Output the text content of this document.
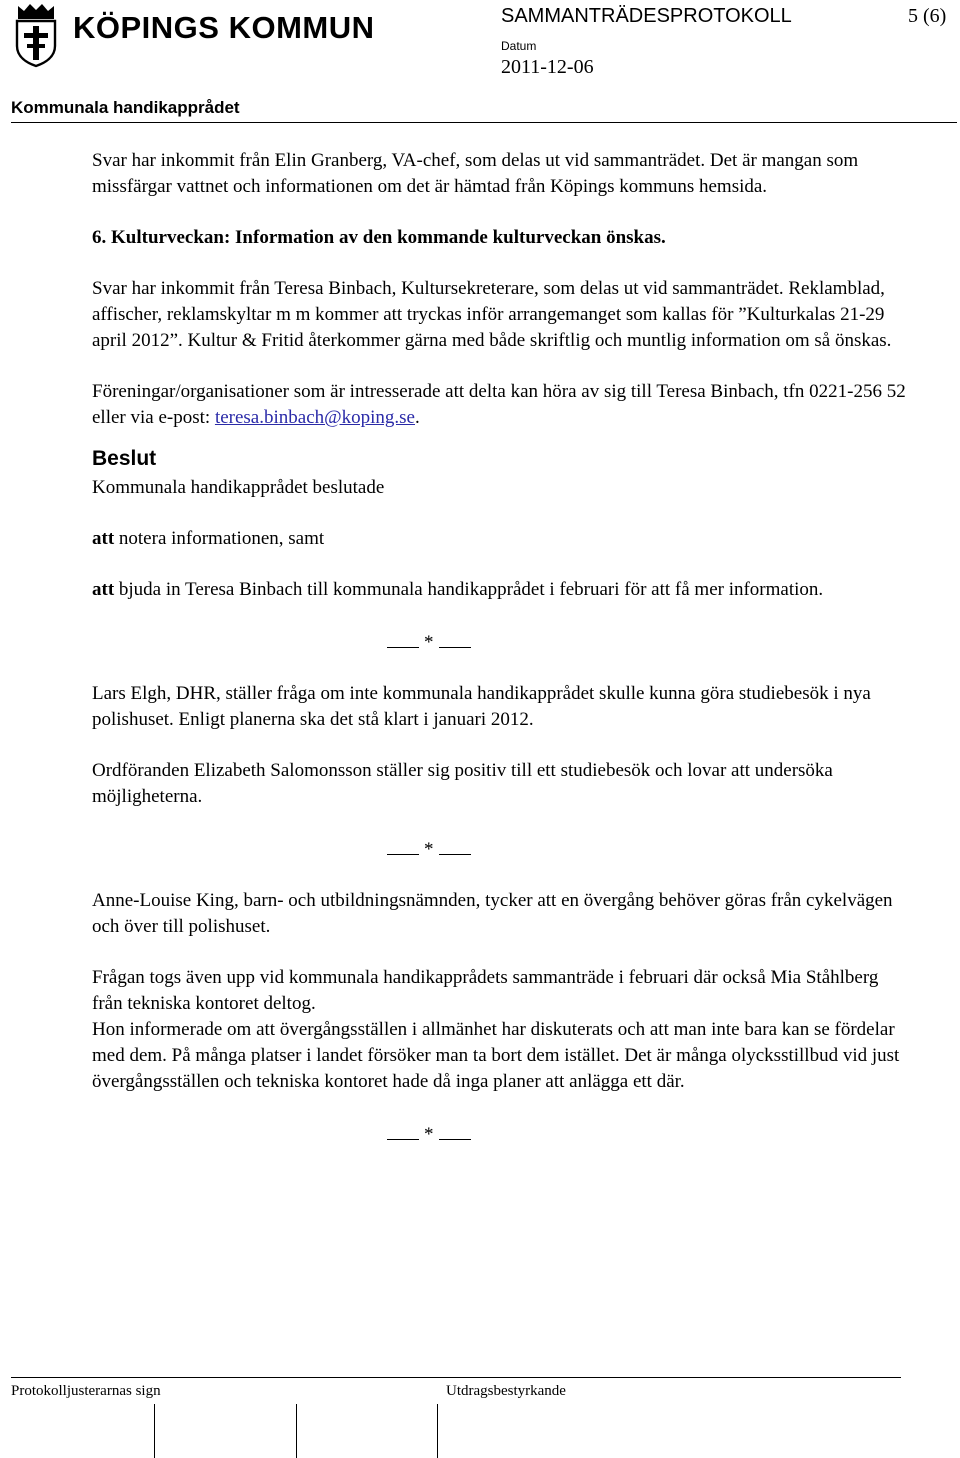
KÖPINGS KOMMUN	SAMMANTRÄDESPROTOKOLL	5 (6)
Datum
2011-12-06
Kommunala handikapprådet

Svar har inkommit från Elin Granberg, VA-chef, som delas ut vid sammanträdet. Det är mangan som missfärgar vattnet och informationen om det är hämtad från Köpings kommuns hemsida.

6. Kulturveckan: Information av den kommande kulturveckan önskas.

Svar har inkommit från Teresa Binbach, Kultursekreterare, som delas ut vid sammanträdet. Reklamblad, affischer, reklamskyltar m m kommer att tryckas inför arrangemanget som kallas för ”Kulturkalas 21-29 april 2012”. Kultur & Fritid återkommer gärna med både skriftlig och muntlig information om så önskas.

Föreningar/organisationer som är intresserade att delta kan höra av sig till Teresa Binbach, tfn 0221-256 52 eller via e-post: teresa.binbach@koping.se.

Beslut

Kommunala handikapprådet beslutade

att notera informationen, samt

att bjuda in Teresa Binbach till kommunala handikapprådet i februari för att få mer information.

*

Lars Elgh, DHR, ställer fråga om inte kommunala handikapprådet skulle kunna göra studiebesök i nya polishuset. Enligt planerna ska det stå klart i januari 2012.

Ordföranden Elizabeth Salomonsson ställer sig positiv till ett studiebesök och lovar att undersöka möjligheterna.

*

Anne-Louise King, barn- och utbildningsnämnden, tycker att en övergång behöver göras från cykelvägen och över till polishuset.

Frågan togs även upp vid kommunala handikapprådets sammanträde i februari där också Mia Ståhlberg från tekniska kontoret deltog.

Hon informerade om att övergångsställen i allmänhet har diskuterats och att man inte bara kan se fördelar med dem. På många platser i landet försöker man ta bort dem istället. Det är många olycksstillbud vid just övergångsställen och tekniska kontoret hade då inga planer att anlägga ett där.

*

Protokolljusterarnas sign	Utdragsbestyrkande
